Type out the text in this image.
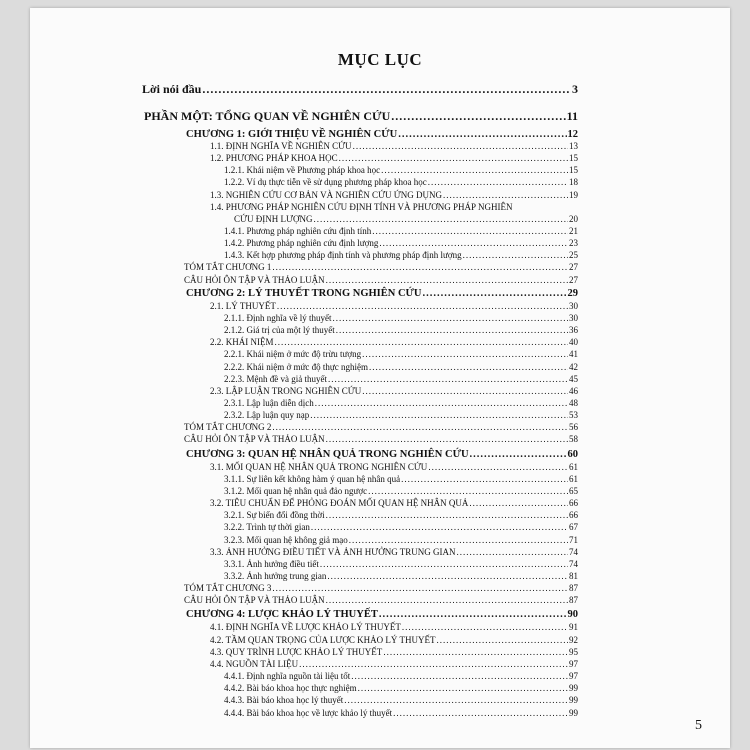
MỤC LỤC
Lời nói đầu .....	3
PHẦN MỘT: TỔNG QUAN VỀ NGHIÊN CỨU .....	11
CHƯƠNG 1: GIỚI THIỆU VỀ NGHIÊN CỨU .....	12
1.1. ĐỊNH NGHĨA VỀ NGHIÊN CỨU .....	13
1.2. PHƯƠNG PHÁP KHOA HỌC .....	15
1.2.1. Khái niệm về Phương pháp khoa học .....	15
1.2.2. Ví dụ thực tiễn về sử dụng phương pháp khoa học .....	18
1.3. NGHIÊN CỨU CƠ BẢN VÀ NGHIÊN CỨU ỨNG DỤNG .....	19
1.4. PHƯƠNG PHÁP NGHIÊN CỨU ĐỊNH TÍNH VÀ PHƯƠNG PHÁP NGHIÊN
CỨU ĐỊNH LƯỢNG .....	20
1.4.1. Phương pháp nghiên cứu định tính .....	21
1.4.2. Phương pháp nghiên cứu định lượng .....	23
1.4.3. Kết hợp phương pháp định tính và phương pháp định lượng .....	25
TÓM TẮT CHƯƠNG 1 .....	27
CÂU HỎI ÔN TẬP VÀ THẢO LUẬN .....	27
CHƯƠNG 2: LÝ THUYẾT TRONG NGHIÊN CỨU .....	29
2.1. LÝ THUYẾT .....	30
2.1.1. Định nghĩa về lý thuyết .....	30
2.1.2. Giá trị của một lý thuyết .....	36
2.2. KHÁI NIỆM .....	40
2.2.1. Khái niệm ở mức độ trừu tượng .....	41
2.2.2. Khái niệm ở mức độ thực nghiệm .....	42
2.2.3. Mệnh đề và giả thuyết .....	45
2.3. LẬP LUẬN TRONG NGHIÊN CỨU .....	46
2.3.1. Lập luận diễn dịch .....	48
2.3.2. Lập luận quy nạp .....	53
TÓM TẮT CHƯƠNG 2 .....	56
CÂU HỎI ÔN TẬP VÀ THẢO LUẬN .....	58
CHƯƠNG 3: QUAN HỆ NHÂN QUẢ TRONG NGHIÊN CỨU .....	60
3.1. MỐI QUAN HỆ NHÂN QUẢ TRONG NGHIÊN CỨU .....	61
3.1.1. Sự liên kết không hàm ý quan hệ nhân quả .....	61
3.1.2. Mối quan hệ nhân quả đảo ngược .....	65
3.2. TIÊU CHUẨN ĐỂ PHỎNG ĐOÁN MỐI QUAN HỆ NHÂN QUẢ .....	66
3.2.1. Sự biến đổi đồng thời .....	66
3.2.2. Trình tự thời gian .....	67
3.2.3. Mối quan hệ không giả mạo .....	71
3.3. ẢNH HƯỞNG ĐIỀU TIẾT VÀ ẢNH HƯỞNG TRUNG GIAN .....	74
3.3.1. Ảnh hưởng điều tiết .....	74
3.3.2. Ảnh hưởng trung gian .....	81
TÓM TẮT CHƯƠNG 3 .....	87
CÂU HỎI ÔN TẬP VÀ THẢO LUẬN .....	87
CHƯƠNG 4: LƯỢC KHẢO LÝ THUYẾT .....	90
4.1. ĐỊNH NGHĨA VỀ LƯỢC KHẢO LÝ THUYẾT .....	91
4.2. TẦM QUAN TRỌNG CỦA LƯỢC KHẢO LÝ THUYẾT .....	92
4.3. QUY TRÌNH LƯỢC KHẢO LÝ THUYẾT .....	95
4.4. NGUỒN TÀI LIỆU .....	97
4.4.1. Định nghĩa nguồn tài liệu tốt .....	97
4.4.2. Bài báo khoa học thực nghiệm .....	99
4.4.3. Bài báo khoa học lý thuyết .....	99
4.4.4. Bài báo khoa học về lược khảo lý thuyết .....	99
5
